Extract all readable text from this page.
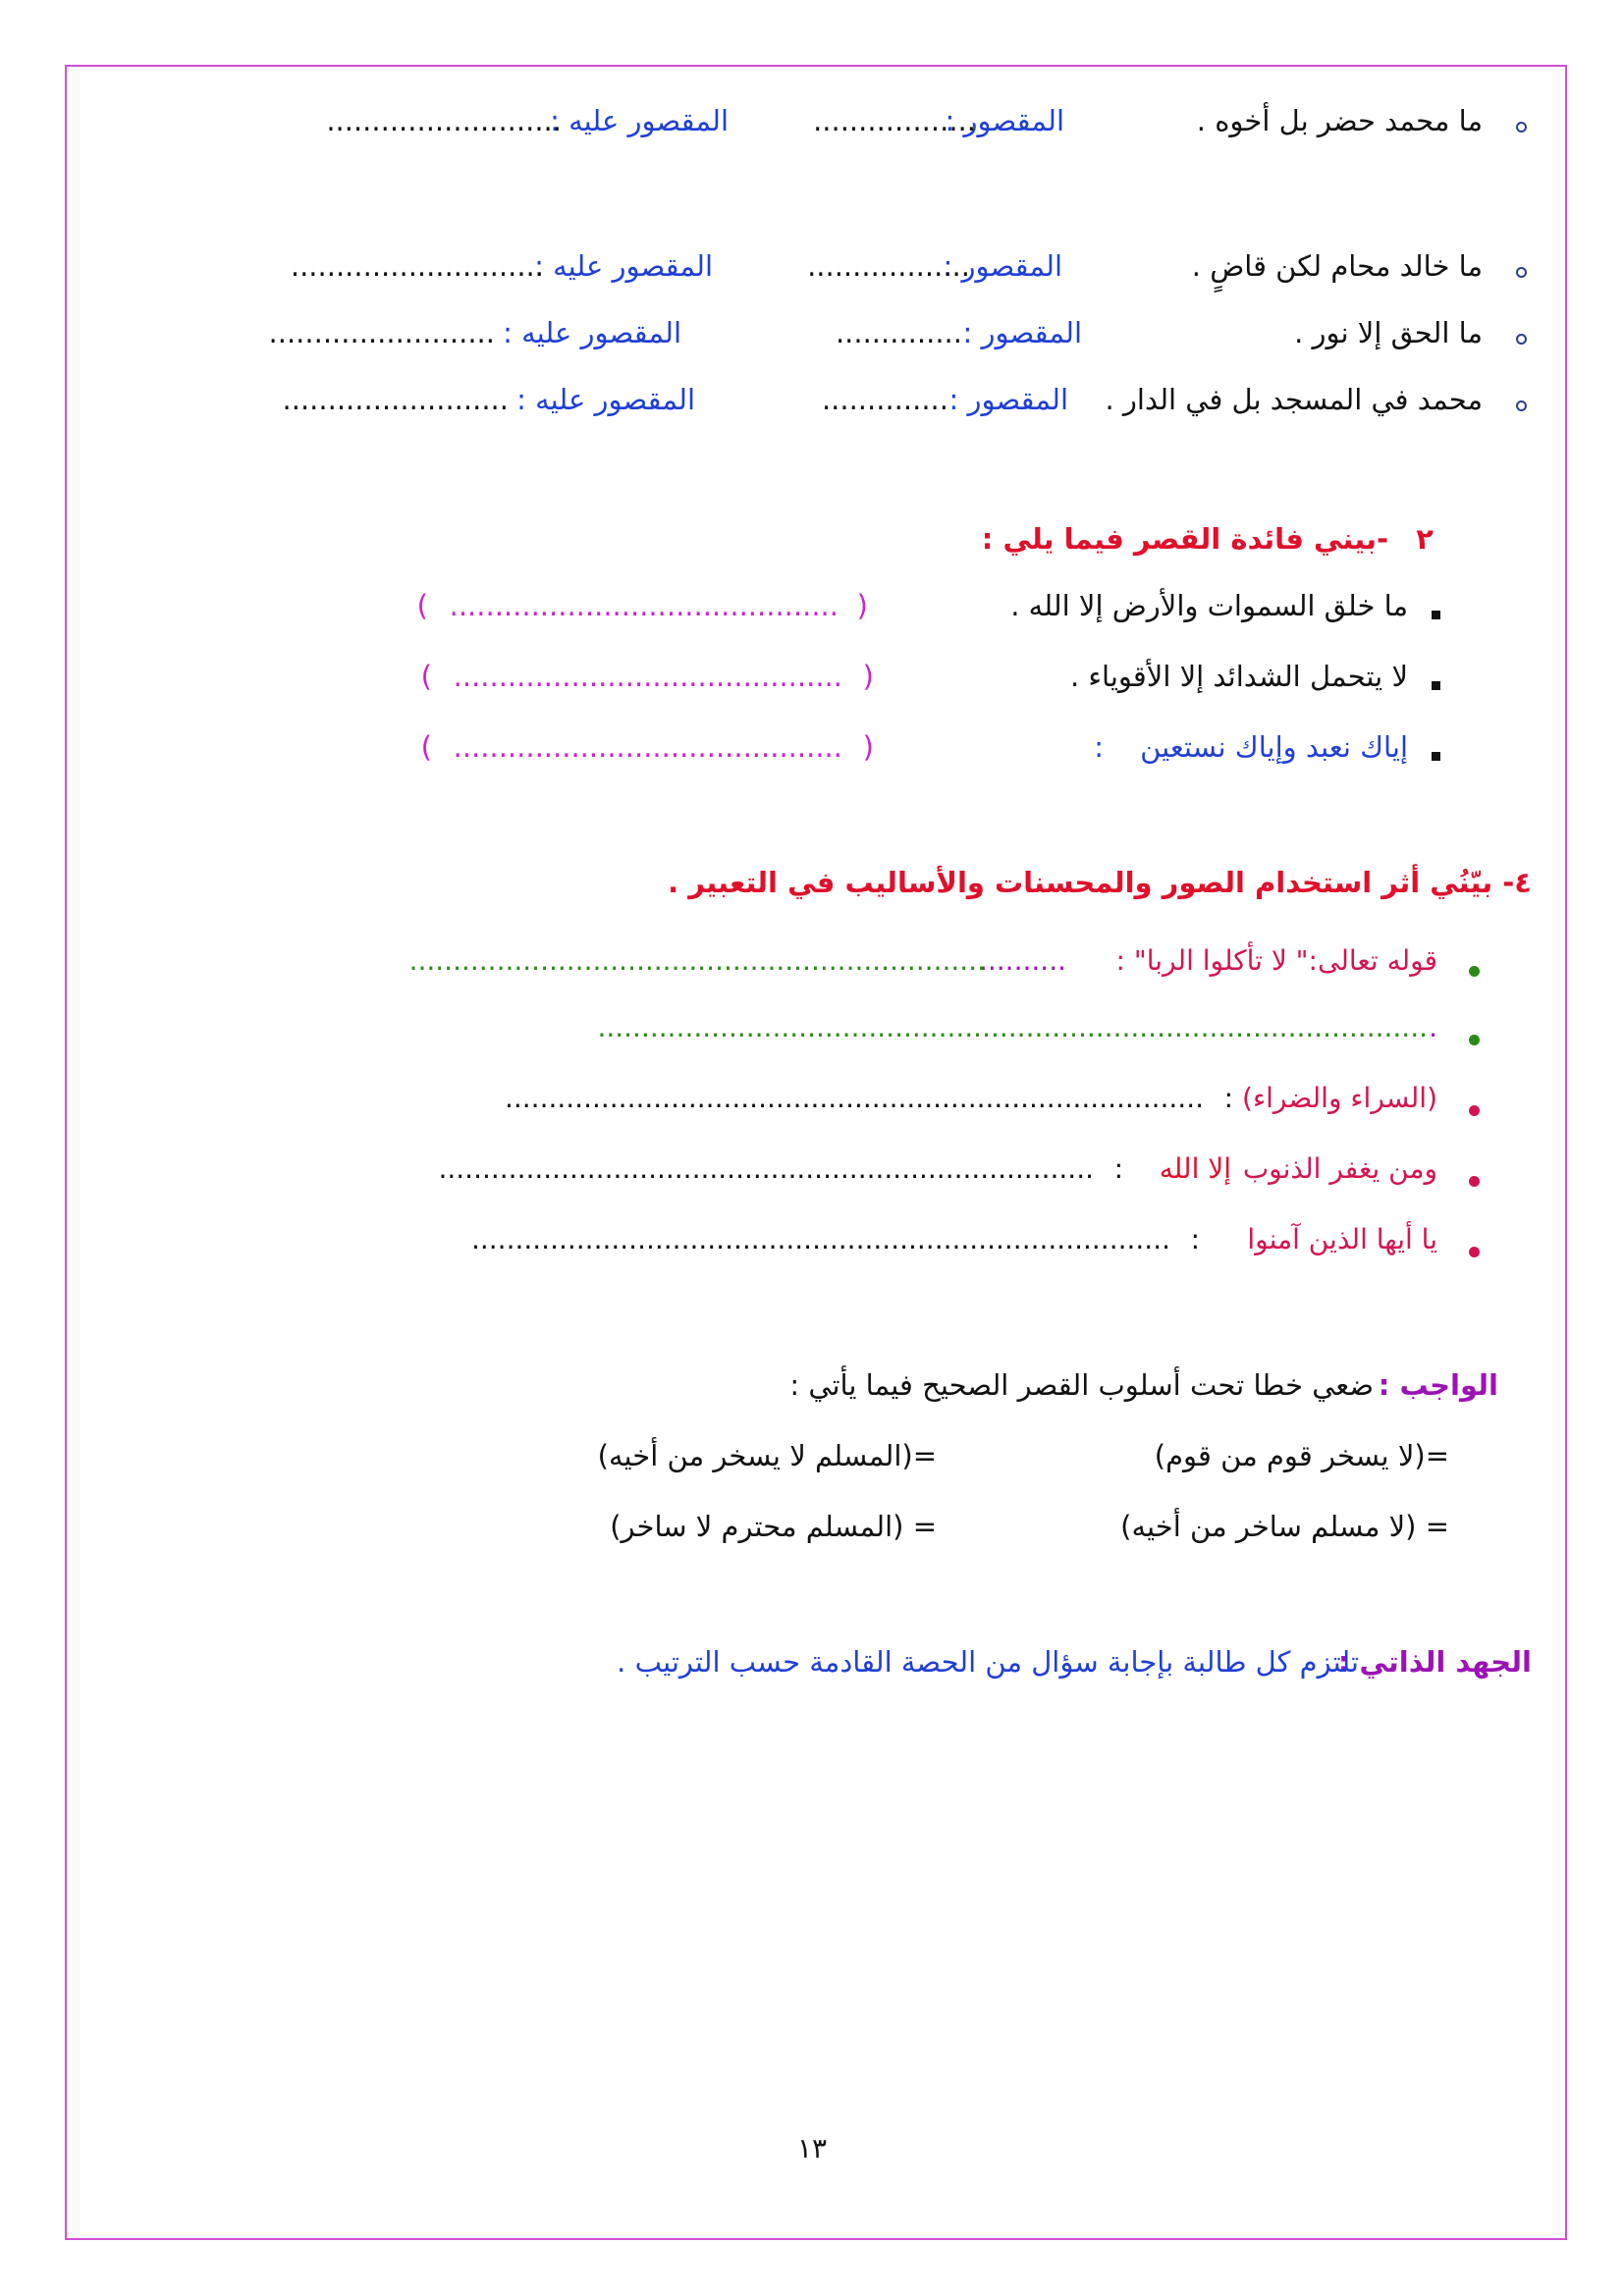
ما محمد حضر بل أخوه .
المقصور :
..................
المقصور عليه :
..........................
ما خالد محام لكن قاضٍ .
المقصور :
..................
المقصور عليه :
............................
ما الحق إلا نور .
المقصور :
..............
المقصور عليه :
.........................
محمد في المسجد بل في الدار .
المقصور :
..............
المقصور عليه :
.........................
٢
-بيني فائدة القصر فيما يلي :
ما خلق السموات والأرض إلا الله .
(
...........................................
)
لا يتحمل الشدائد إلا الأقوياء .
(
...........................................
)
إياك نعبد وإياك نستعين
:
(
...........................................
)
٤- بيّنُي أثر استخدام الصور والمحسنات والأساليب في التعبير .
قوله تعالى:" لا تأكلوا الربا" :
..........
..................................................................
.
...............................................................................................
(السراء والضراء)
:
................................................................................
ومن يغفر الذنوب
إلا الله
:
...........................................................................
يا أيها الذين آمنوا
:
................................................................................
الواجب :
ضعي خطا تحت أسلوب القصر الصحيح فيما يأتي :
=(لا يسخر قوم من قوم)
=(المسلم لا يسخر من أخيه)
= (لا مسلم ساخر من أخيه)
= (المسلم محترم لا ساخر)
الجهد الذاتي :
تلتزم كل طالبة بإجابة سؤال من الحصة القادمة حسب الترتيب .
١٣
